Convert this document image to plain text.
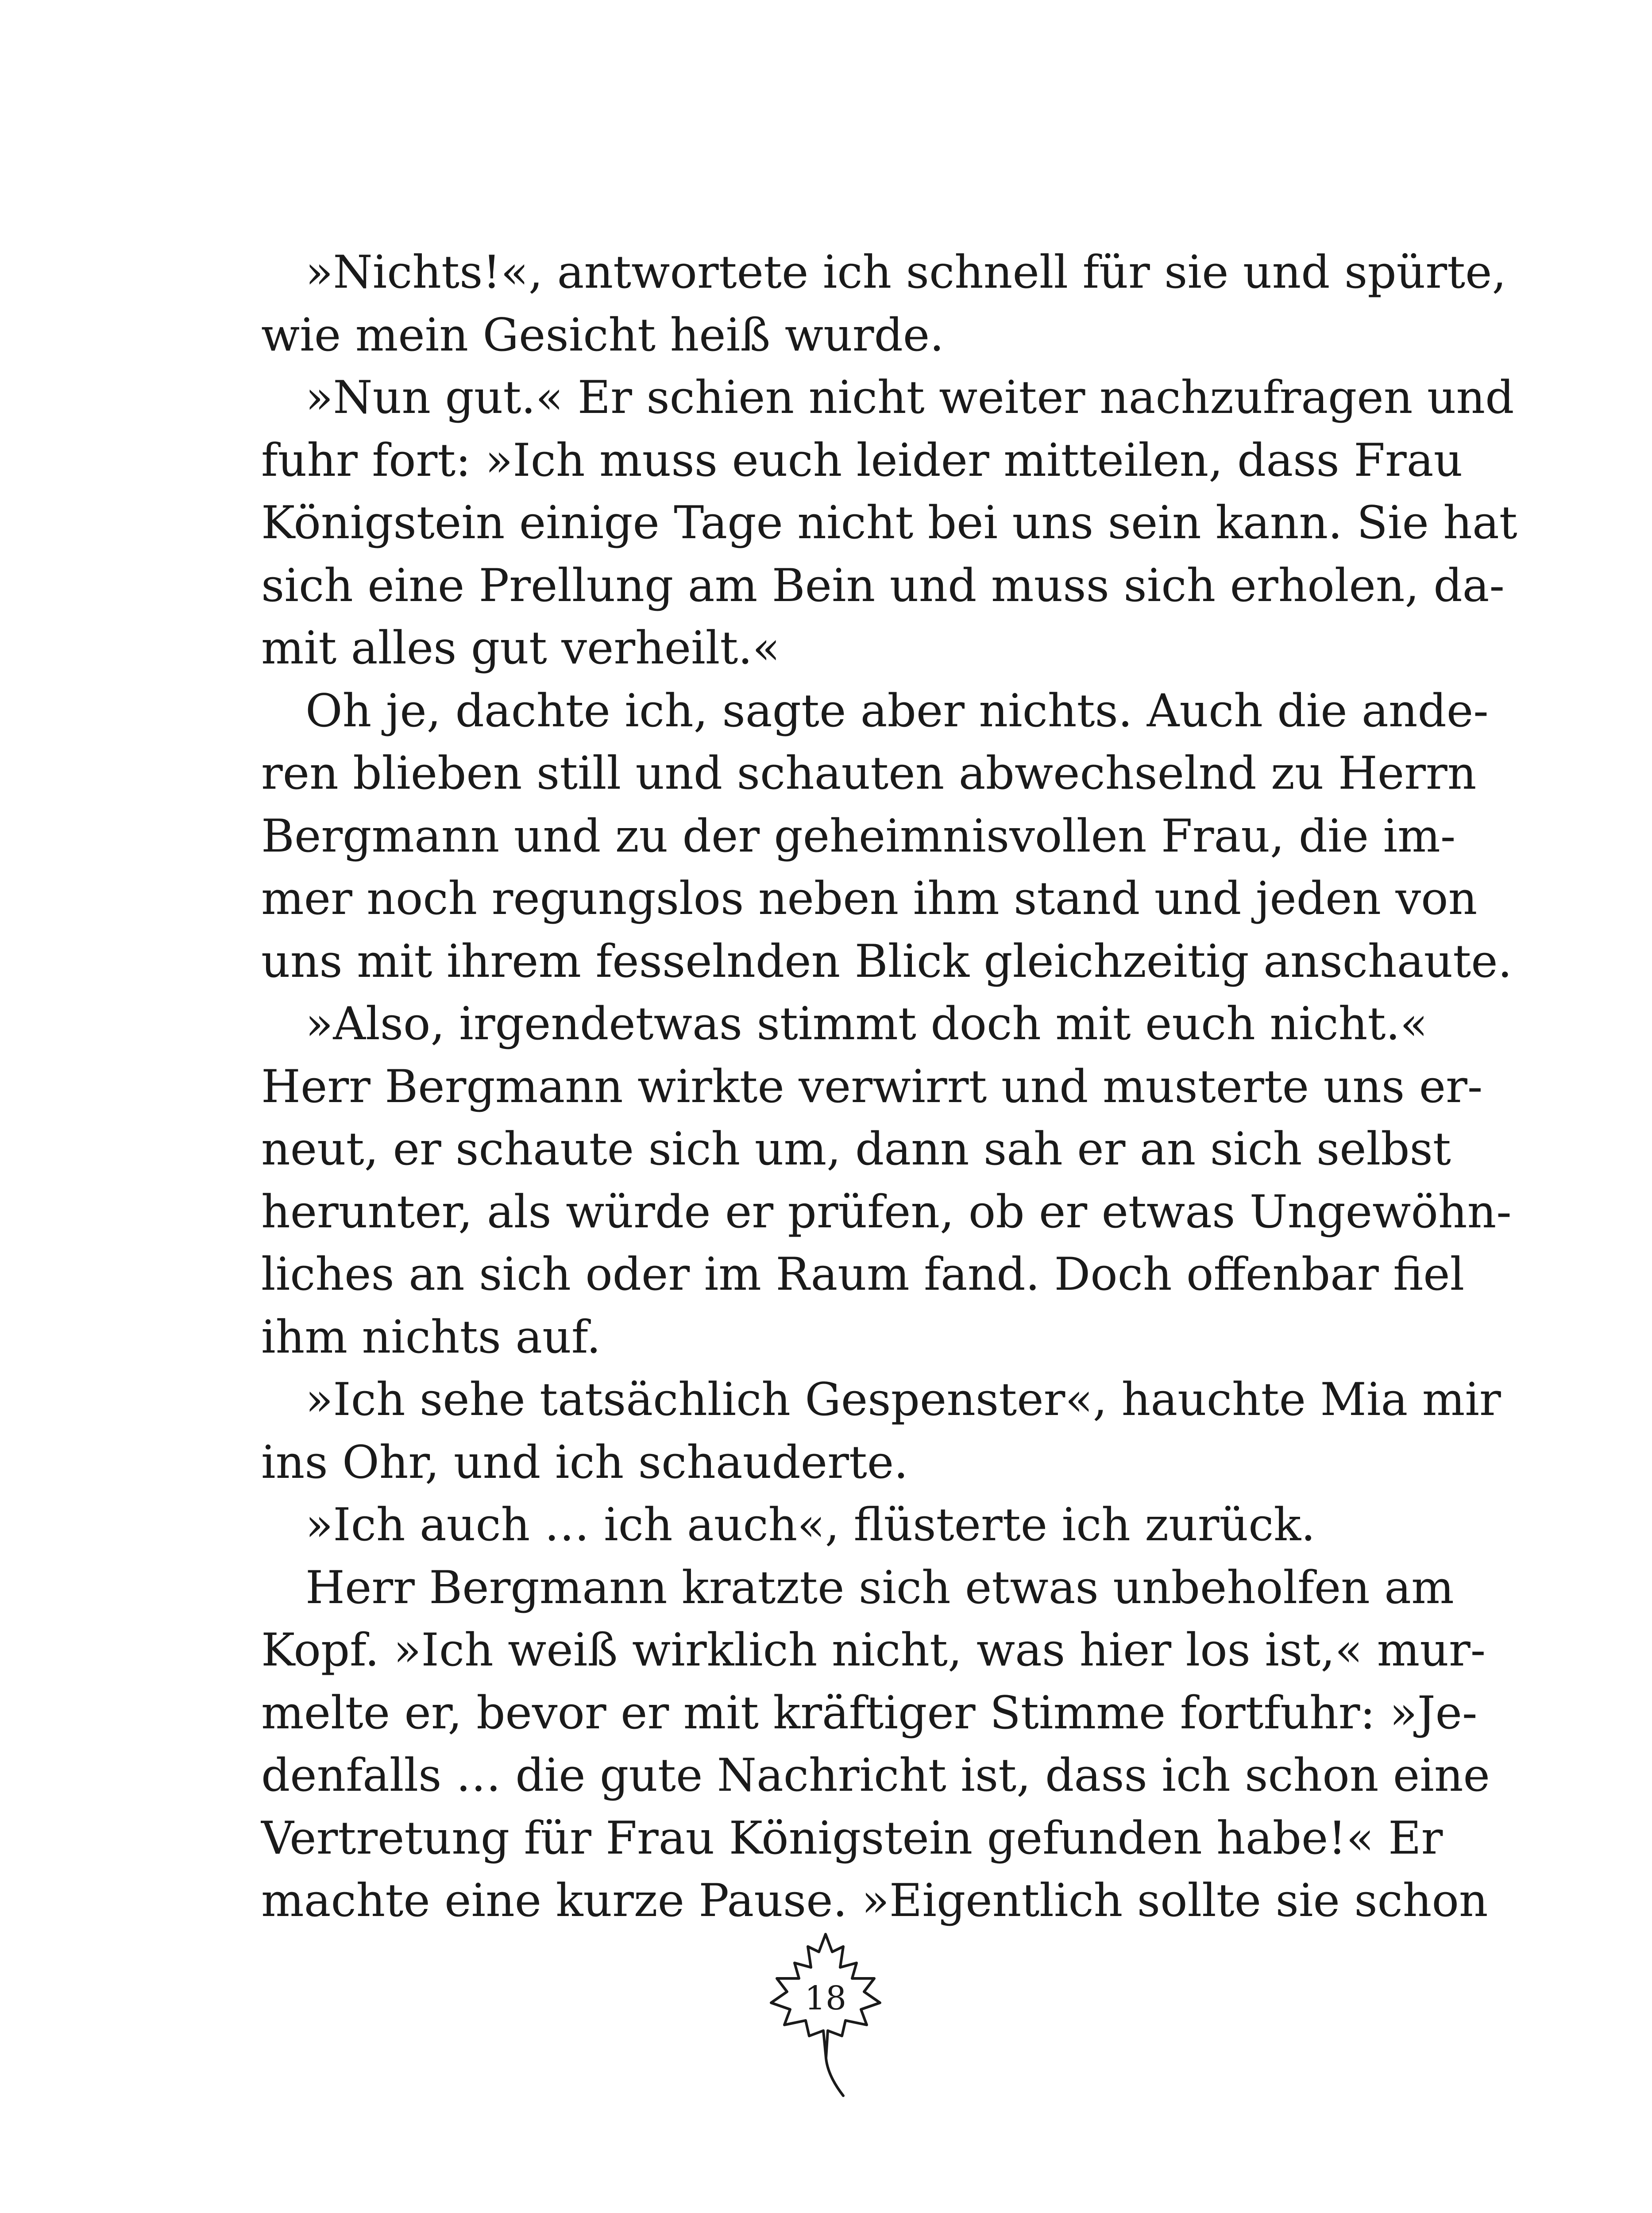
»Nichts!«, antwortete ich schnell für sie und spürte,
wie mein Gesicht heiß wurde.
»Nun gut.« Er schien nicht weiter nachzufragen und
fuhr fort: »Ich muss euch leider mitteilen, dass Frau
Königstein einige Tage nicht bei uns sein kann. Sie hat
sich eine Prellung am Bein und muss sich erholen, da-
mit alles gut verheilt.«
Oh je, dachte ich, sagte aber nichts. Auch die ande-
ren blieben still und schauten abwechselnd zu Herrn
Bergmann und zu der geheimnisvollen Frau, die im-
mer noch regungslos neben ihm stand und jeden von
uns mit ihrem fesselnden Blick gleichzeitig anschaute.
»Also, irgendetwas stimmt doch mit euch nicht.«
Herr Bergmann wirkte verwirrt und musterte uns er-
neut, er schaute sich um, dann sah er an sich selbst
herunter, als würde er prüfen, ob er etwas Ungewöhn-
liches an sich oder im Raum fand. Doch offenbar fiel
ihm nichts auf.
»Ich sehe tatsächlich Gespenster«, hauchte Mia mir
ins Ohr, und ich schauderte.
»Ich auch … ich auch«, flüsterte ich zurück.
Herr Bergmann kratzte sich etwas unbeholfen am
Kopf. »Ich weiß wirklich nicht, was hier los ist,« mur-
melte er, bevor er mit kräftiger Stimme fortfuhr: »Je-
denfalls … die gute Nachricht ist, dass ich schon eine
Vertretung für Frau Königstein gefunden habe!« Er
machte eine kurze Pause. »Eigentlich sollte sie schon
18
